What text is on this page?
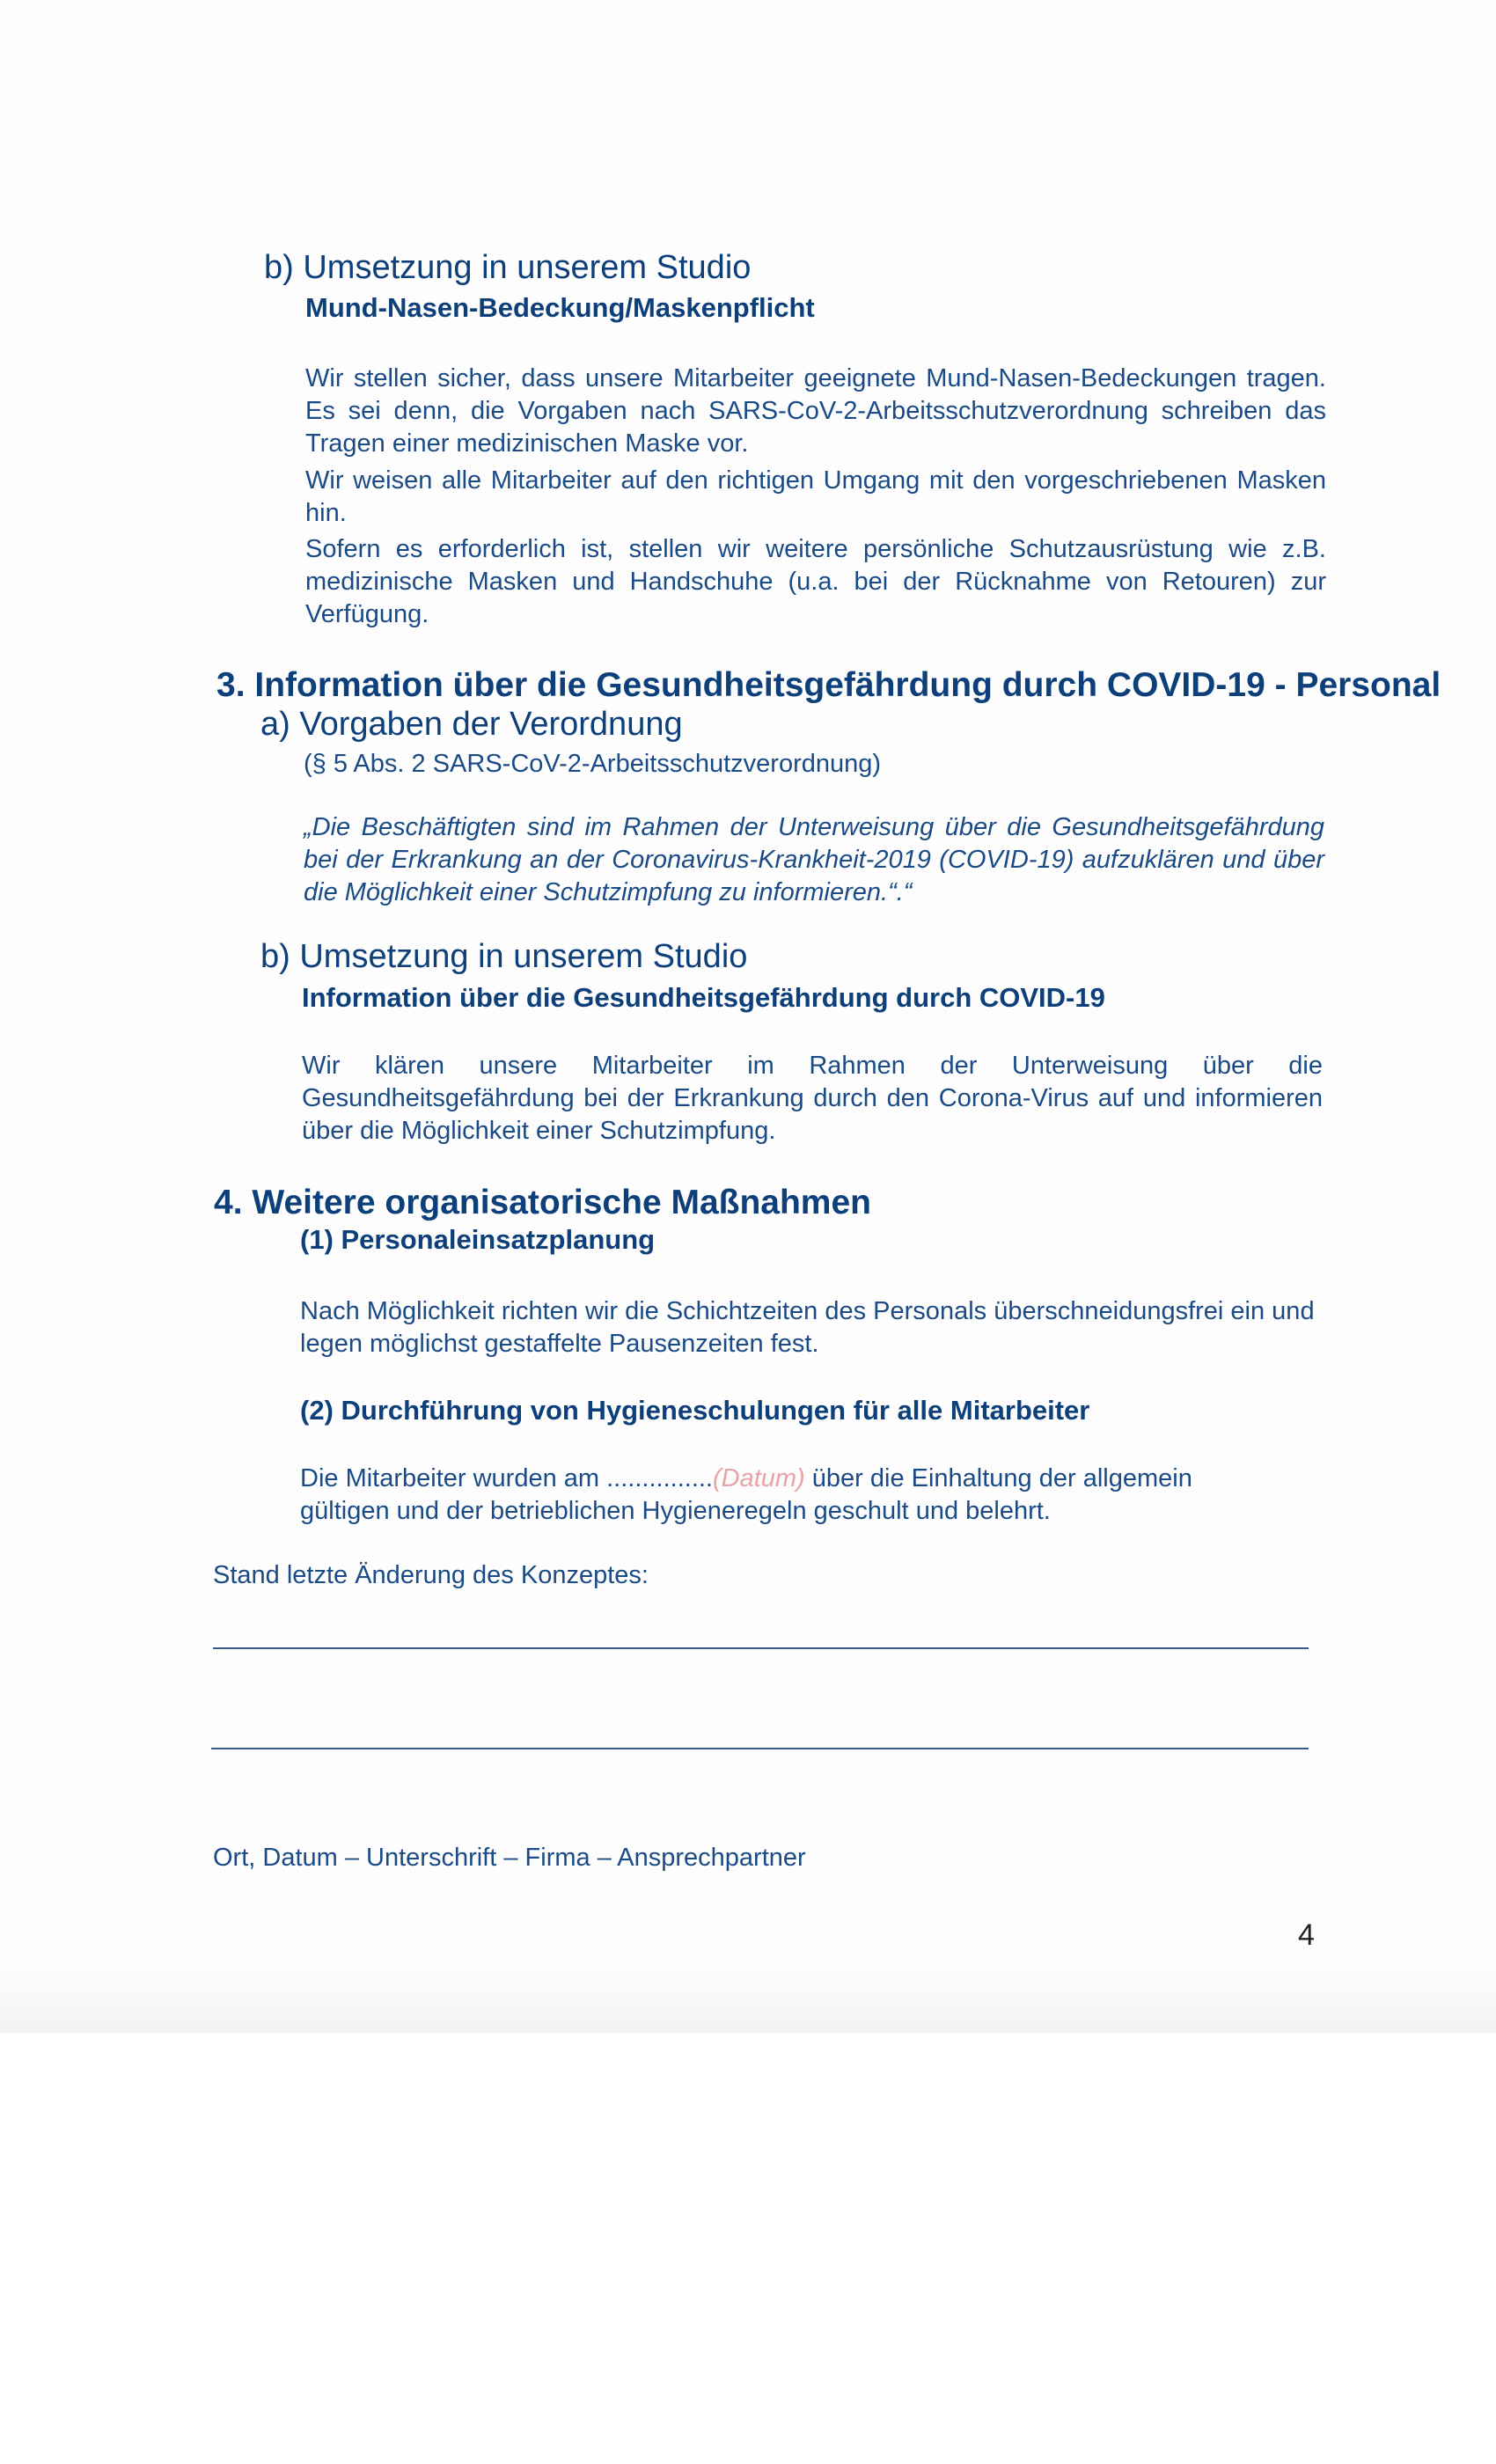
b) Umsetzung in unserem Studio
Mund-Nasen-Bedeckung/Maskenpflicht
Wir stellen sicher, dass unsere Mitarbeiter geeignete Mund-Nasen-Bedeckungen tragen. Es sei denn, die Vorgaben nach SARS-CoV-2-Arbeitsschutzverordnung schreiben das Tragen einer medizinischen Maske vor.
Wir weisen alle Mitarbeiter auf den richtigen Umgang mit den vorgeschriebenen Masken hin.
Sofern es erforderlich ist, stellen wir weitere persönliche Schutzausrüstung wie z.B. medizinische Masken und Handschuhe (u.a. bei der Rücknahme von Retouren) zur Verfügung.
3. Information über die Gesundheitsgefährdung durch COVID-19 - Personal
a) Vorgaben der Verordnung
(§ 5 Abs. 2 SARS-CoV-2-Arbeitsschutzverordnung)
„Die Beschäftigten sind im Rahmen der Unterweisung über die Gesundheitsgefährdung bei der Erkrankung an der Coronavirus-Krankheit-2019 (COVID-19) aufzuklären und über die Möglichkeit einer Schutzimpfung zu informieren.“.“
b) Umsetzung in unserem Studio
Information über die Gesundheitsgefährdung durch COVID-19
Wir klären unsere Mitarbeiter im Rahmen der Unterweisung über die Gesundheitsgefährdung bei der Erkrankung durch den Corona-Virus auf und informieren über die Möglichkeit einer Schutzimpfung.
4. Weitere organisatorische Maßnahmen
(1) Personaleinsatzplanung
Nach Möglichkeit richten wir die Schichtzeiten des Personals überschneidungsfrei ein und legen möglichst gestaffelte Pausenzeiten fest.
(2) Durchführung von Hygieneschulungen für alle Mitarbeiter
Die Mitarbeiter wurden am ...............(Datum) über die Einhaltung der allgemein
gültigen und der betrieblichen Hygieneregeln geschult und belehrt.
Stand letzte Änderung des Konzeptes:
Ort, Datum – Unterschrift – Firma – Ansprechpartner
4
